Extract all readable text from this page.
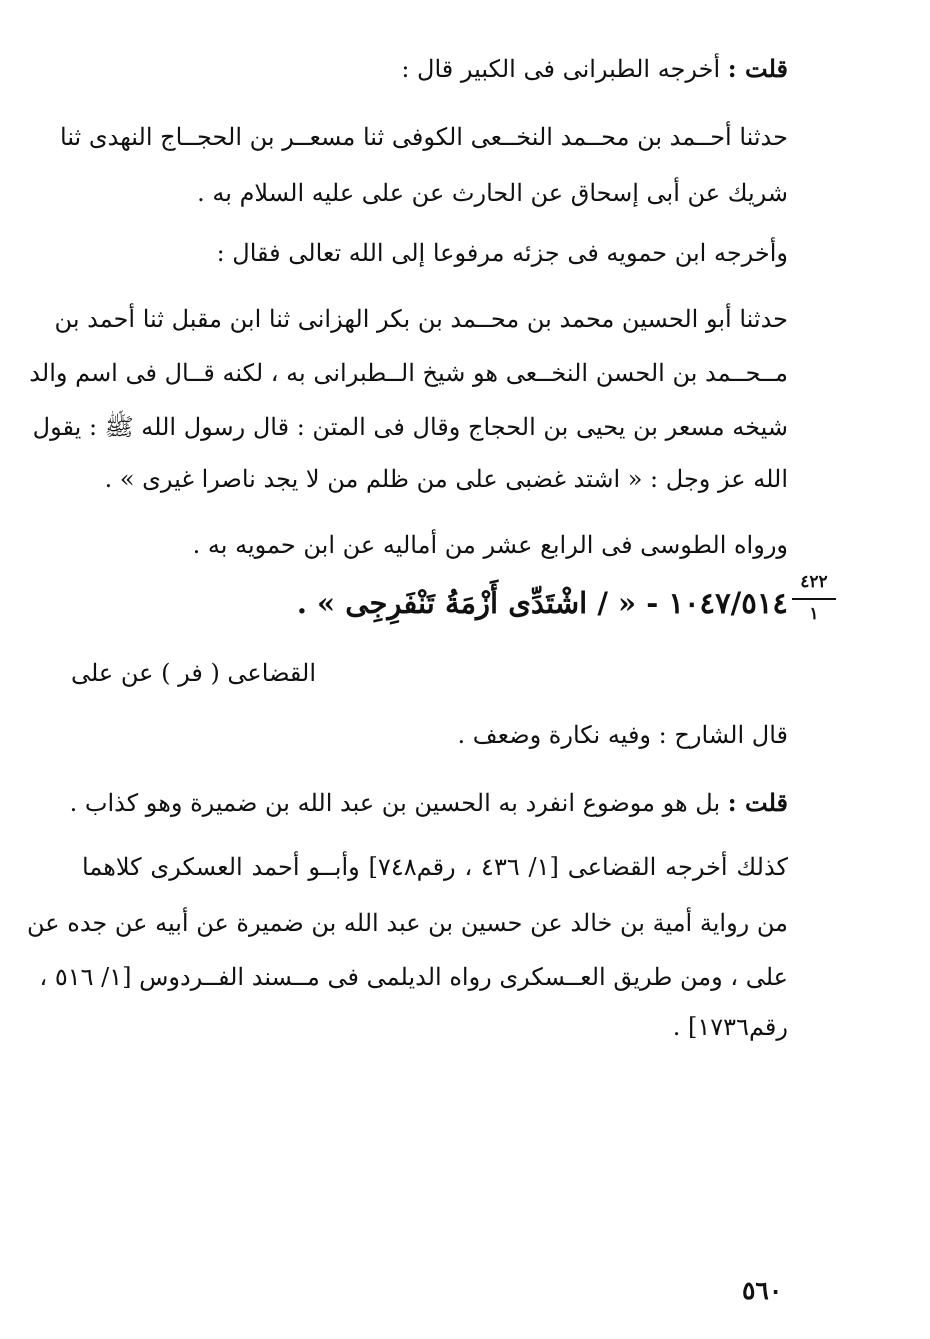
قلت : أخرجه الطبرانى فى الكبير قال :
حدثنا أحــمد بن محــمد النخــعى الكوفى ثنا مسعــر بن الحجــاج النهدى ثنا
شريك عن أبى إسحاق عن الحارث عن على عليه السلام به .
وأخرجه ابن حمويه فى جزئه مرفوعا إلى الله تعالى فقال :
حدثنا أبو الحسين محمد بن محــمد بن بكر الهزانى ثنا ابن مقبل ثنا أحمد بن
مــحــمد بن الحسن النخــعى هو شيخ الــطبرانى به ، لكنه قــال فى اسم والد
شيخه مسعر بن يحيى بن الحجاج وقال فى المتن : قال رسول الله ﷺ : يقول
الله عز وجل : « اشتد غضبى على من ظلم من لا يجد ناصرا غيرى » .
ورواه الطوسى فى الرابع عشر من أماليه عن ابن حمويه به .
١٠٤٧/٥١٤ - « / اشْتَدِّى أَزْمَةُ تَنْفَرِجِى » .
٤٢٢
١
القضاعى ( فر ) عن على
قال الشارح : وفيه نكارة وضعف .
قلت : بل هو موضوع انفرد به الحسين بن عبد الله بن ضميرة وهو كذاب .
كذلك أخرجه القضاعى [١/ ٤٣٦ ، رقم٧٤٨] وأبــو أحمد العسكرى كلاهما
من رواية أمية بن خالد عن حسين بن عبد الله بن ضميرة عن أبيه عن جده عن
على ، ومن طريق العــسكرى رواه الديلمى فى مــسند الفــردوس [١/ ٥١٦ ،
رقم١٧٣٦] .
٥٦٠
